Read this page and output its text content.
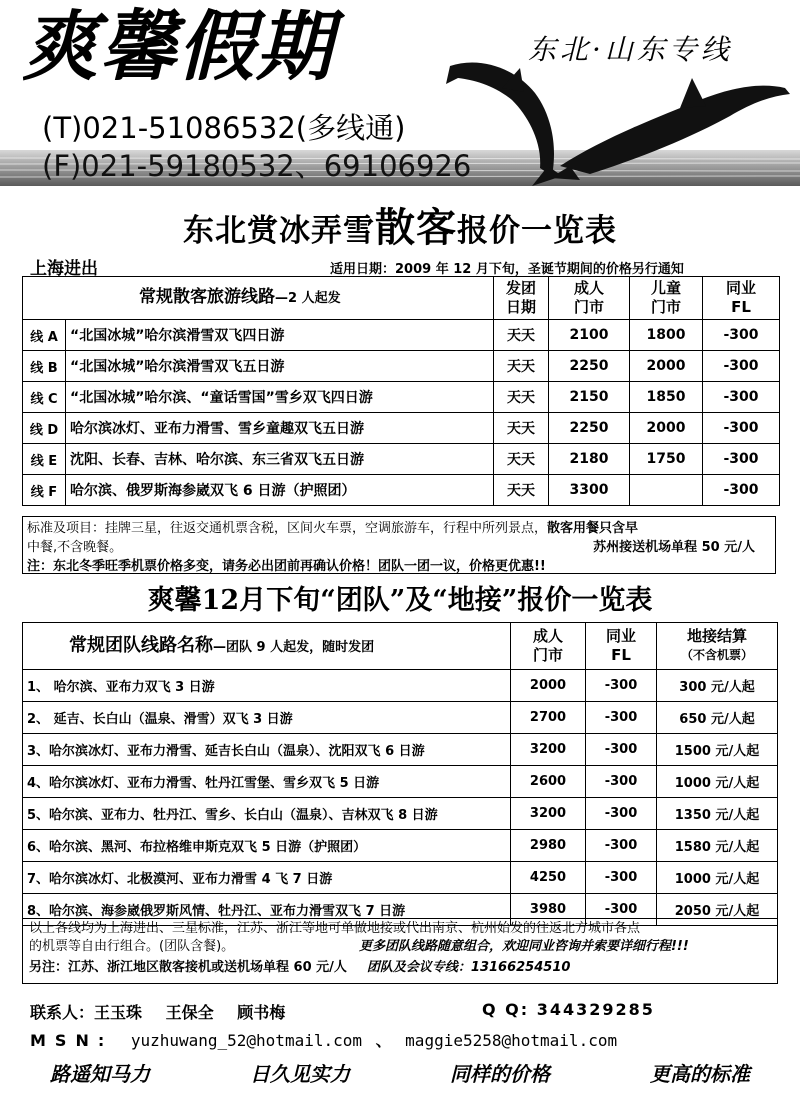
爽馨假期	东北·山东专线
(T)021-51086532(多线通)
(F)021-59180532、69106926
东北赏冰弄雪散客报价一览表
上海进出	适用日期：2009 年 12 月下旬，圣诞节期间的价格另行通知
常规散客旅游线路—2 人起发		发团日期	成人门市	儿童门市	同业FL
线 A	“北国冰城”哈尔滨滑雪双飞四日游	天天	2100	1800	-300
线 B	“北国冰城”哈尔滨滑雪双飞五日游	天天	2250	2000	-300
线 C	“北国冰城”哈尔滨、“童话雪国”雪乡双飞四日游	天天	2150	1850	-300
线 D	哈尔滨冰灯、亚布力滑雪、雪乡童趣双飞五日游	天天	2250	2000	-300
线 E	沈阳、长春、吉林、哈尔滨、东三省双飞五日游	天天	2180	1750	-300
线 F	哈尔滨、俄罗斯海参崴双飞 6 日游（护照团）	天天	3300		-300
标准及项目：挂牌三星，往返交通机票含税，区间火车票，空调旅游车，行程中所列景点，散客用餐只含早
中餐,不含晚餐。	苏州接送机场单程 50 元/人
注：东北冬季旺季机票价格多变，请务必出团前再确认价格！团队一团一议，价格更优惠!!
爽馨12月下旬“团队”及“地接”报价一览表
常规团队线路名称—团队 9 人起发，随时发团	成人门市	同业FL	地接结算
（不含机票）

1、 哈尔滨、亚布力双飞 3 日游	2000	-300	300 元/人起
2、 延吉、长白山（温泉、滑雪）双飞 3 日游	2700	-300	650 元/人起
3、哈尔滨冰灯、亚布力滑雪、延吉长白山（温泉）、沈阳双飞 6 日游	3200	-300	1500 元/人起
4、哈尔滨冰灯、亚布力滑雪、牡丹江雪堡、雪乡双飞 5 日游	2600	-300	1000 元/人起
5、哈尔滨、亚布力、牡丹江、雪乡、长白山（温泉）、吉林双飞 8 日游	3200	-300	1350 元/人起
6、哈尔滨、黑河、布拉格维申斯克双飞 5 日游（护照团）	2980	-300	1580 元/人起
7、哈尔滨冰灯、北极漠河、亚布力滑雪 4 飞 7 日游	4250	-300	1000 元/人起
8、哈尔滨、海参崴俄罗斯风情、牡丹江、亚布力滑雪双飞 7 日游	3980	-300	2050 元/人起
以上各线均为上海进出、三星标准，江苏、浙江等地可单做地接或代出南京、杭州始发的往返北方城市各点
的机票等自由行组合。(团队含餐)。	更多团队线路随意组合，欢迎同业咨询并索要详细行程!!!
另注：江苏、浙江地区散客接机或送机场单程 60 元/人 团队及会议专线：13166254510
联系人：王玉珠 王保全 顾书梅	Q Q: 344329285
MSN: yuzhuwang_52@hotmail.com 、 maggie5258@hotmail.com
路遥知马力	日久见实力	同样的价格	更高的标准
